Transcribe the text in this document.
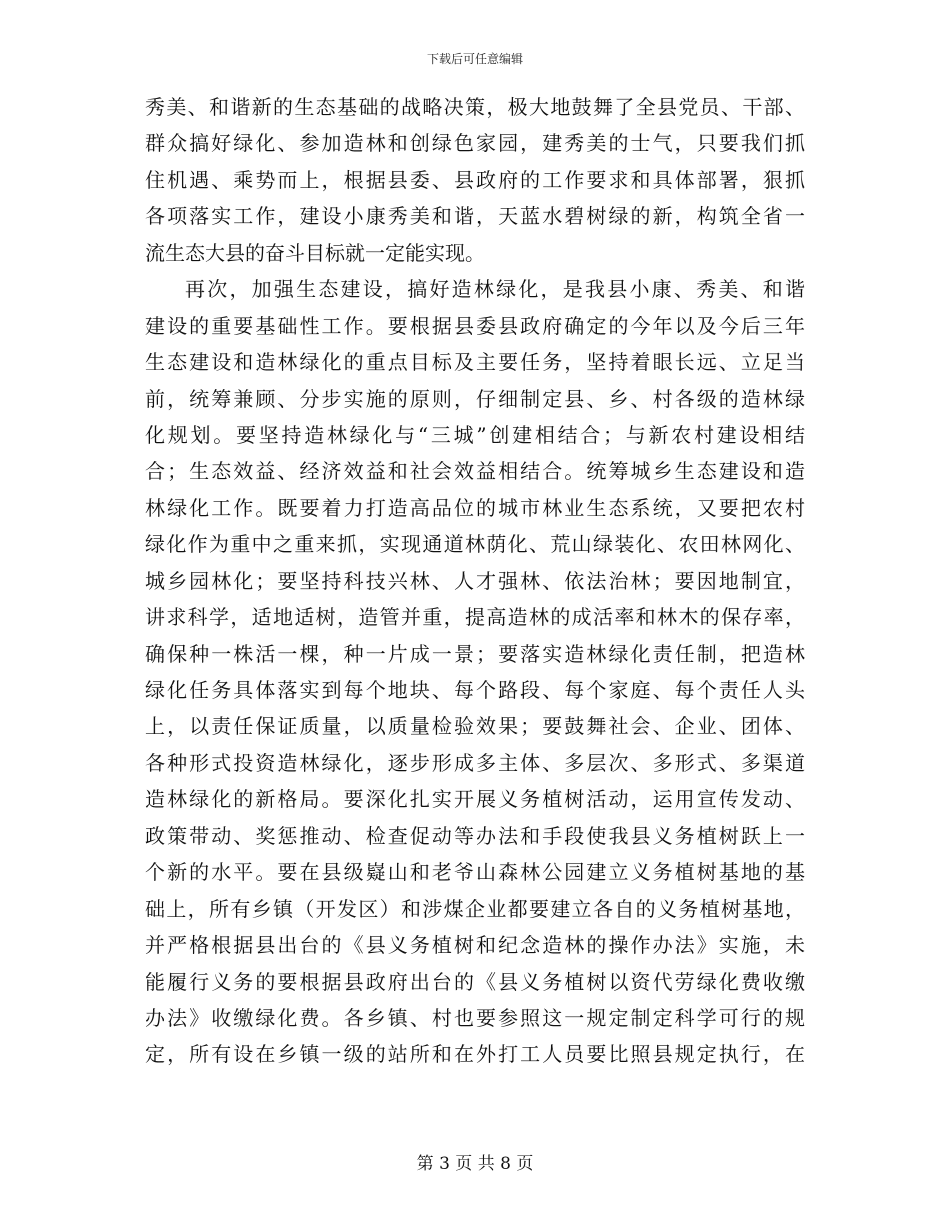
下载后可任意编辑
秀美、和谐新的生态基础的战略决策，极大地鼓舞了全县党员、干部、
群众搞好绿化、参加造林和创绿色家园，建秀美的士气，只要我们抓
住机遇、乘势而上，根据县委、县政府的工作要求和具体部署，狠抓
各项落实工作，建设小康秀美和谐，天蓝水碧树绿的新，构筑全省一
流生态大县的奋斗目标就一定能实现。
再次，加强生态建设，搞好造林绿化，是我县小康、秀美、和谐
建设的重要基础性工作。要根据县委县政府确定的今年以及今后三年
生态建设和造林绿化的重点目标及主要任务，坚持着眼长远、立足当
前，统筹兼顾、分步实施的原则，仔细制定县、乡、村各级的造林绿
化规划。要坚持造林绿化与“三城”创建相结合；与新农村建设相结
合；生态效益、经济效益和社会效益相结合。统筹城乡生态建设和造
林绿化工作。既要着力打造高品位的城市林业生态系统，又要把农村
绿化作为重中之重来抓，实现通道林荫化、荒山绿装化、农田林网化、
城乡园林化；要坚持科技兴林、人才强林、依法治林；要因地制宜，
讲求科学，适地适树，造管并重，提高造林的成活率和林木的保存率，
确保种一株活一棵，种一片成一景；要落实造林绿化责任制，把造林
绿化任务具体落实到每个地块、每个路段、每个家庭、每个责任人头
上，以责任保证质量，以质量检验效果；要鼓舞社会、企业、团体、
各种形式投资造林绿化，逐步形成多主体、多层次、多形式、多渠道
造林绿化的新格局。要深化扎实开展义务植树活动，运用宣传发动、
政策带动、奖惩推动、检查促动等办法和手段使我县义务植树跃上一
个新的水平。要在县级嶷山和老爷山森林公园建立义务植树基地的基
础上，所有乡镇（开发区）和涉煤企业都要建立各自的义务植树基地，
并严格根据县出台的《县义务植树和纪念造林的操作办法》实施，未
能履行义务的要根据县政府出台的《县义务植树以资代劳绿化费收缴
办法》收缴绿化费。各乡镇、村也要参照这一规定制定科学可行的规
定，所有设在乡镇一级的站所和在外打工人员要比照县规定执行，在
第 3 页 共 8 页
